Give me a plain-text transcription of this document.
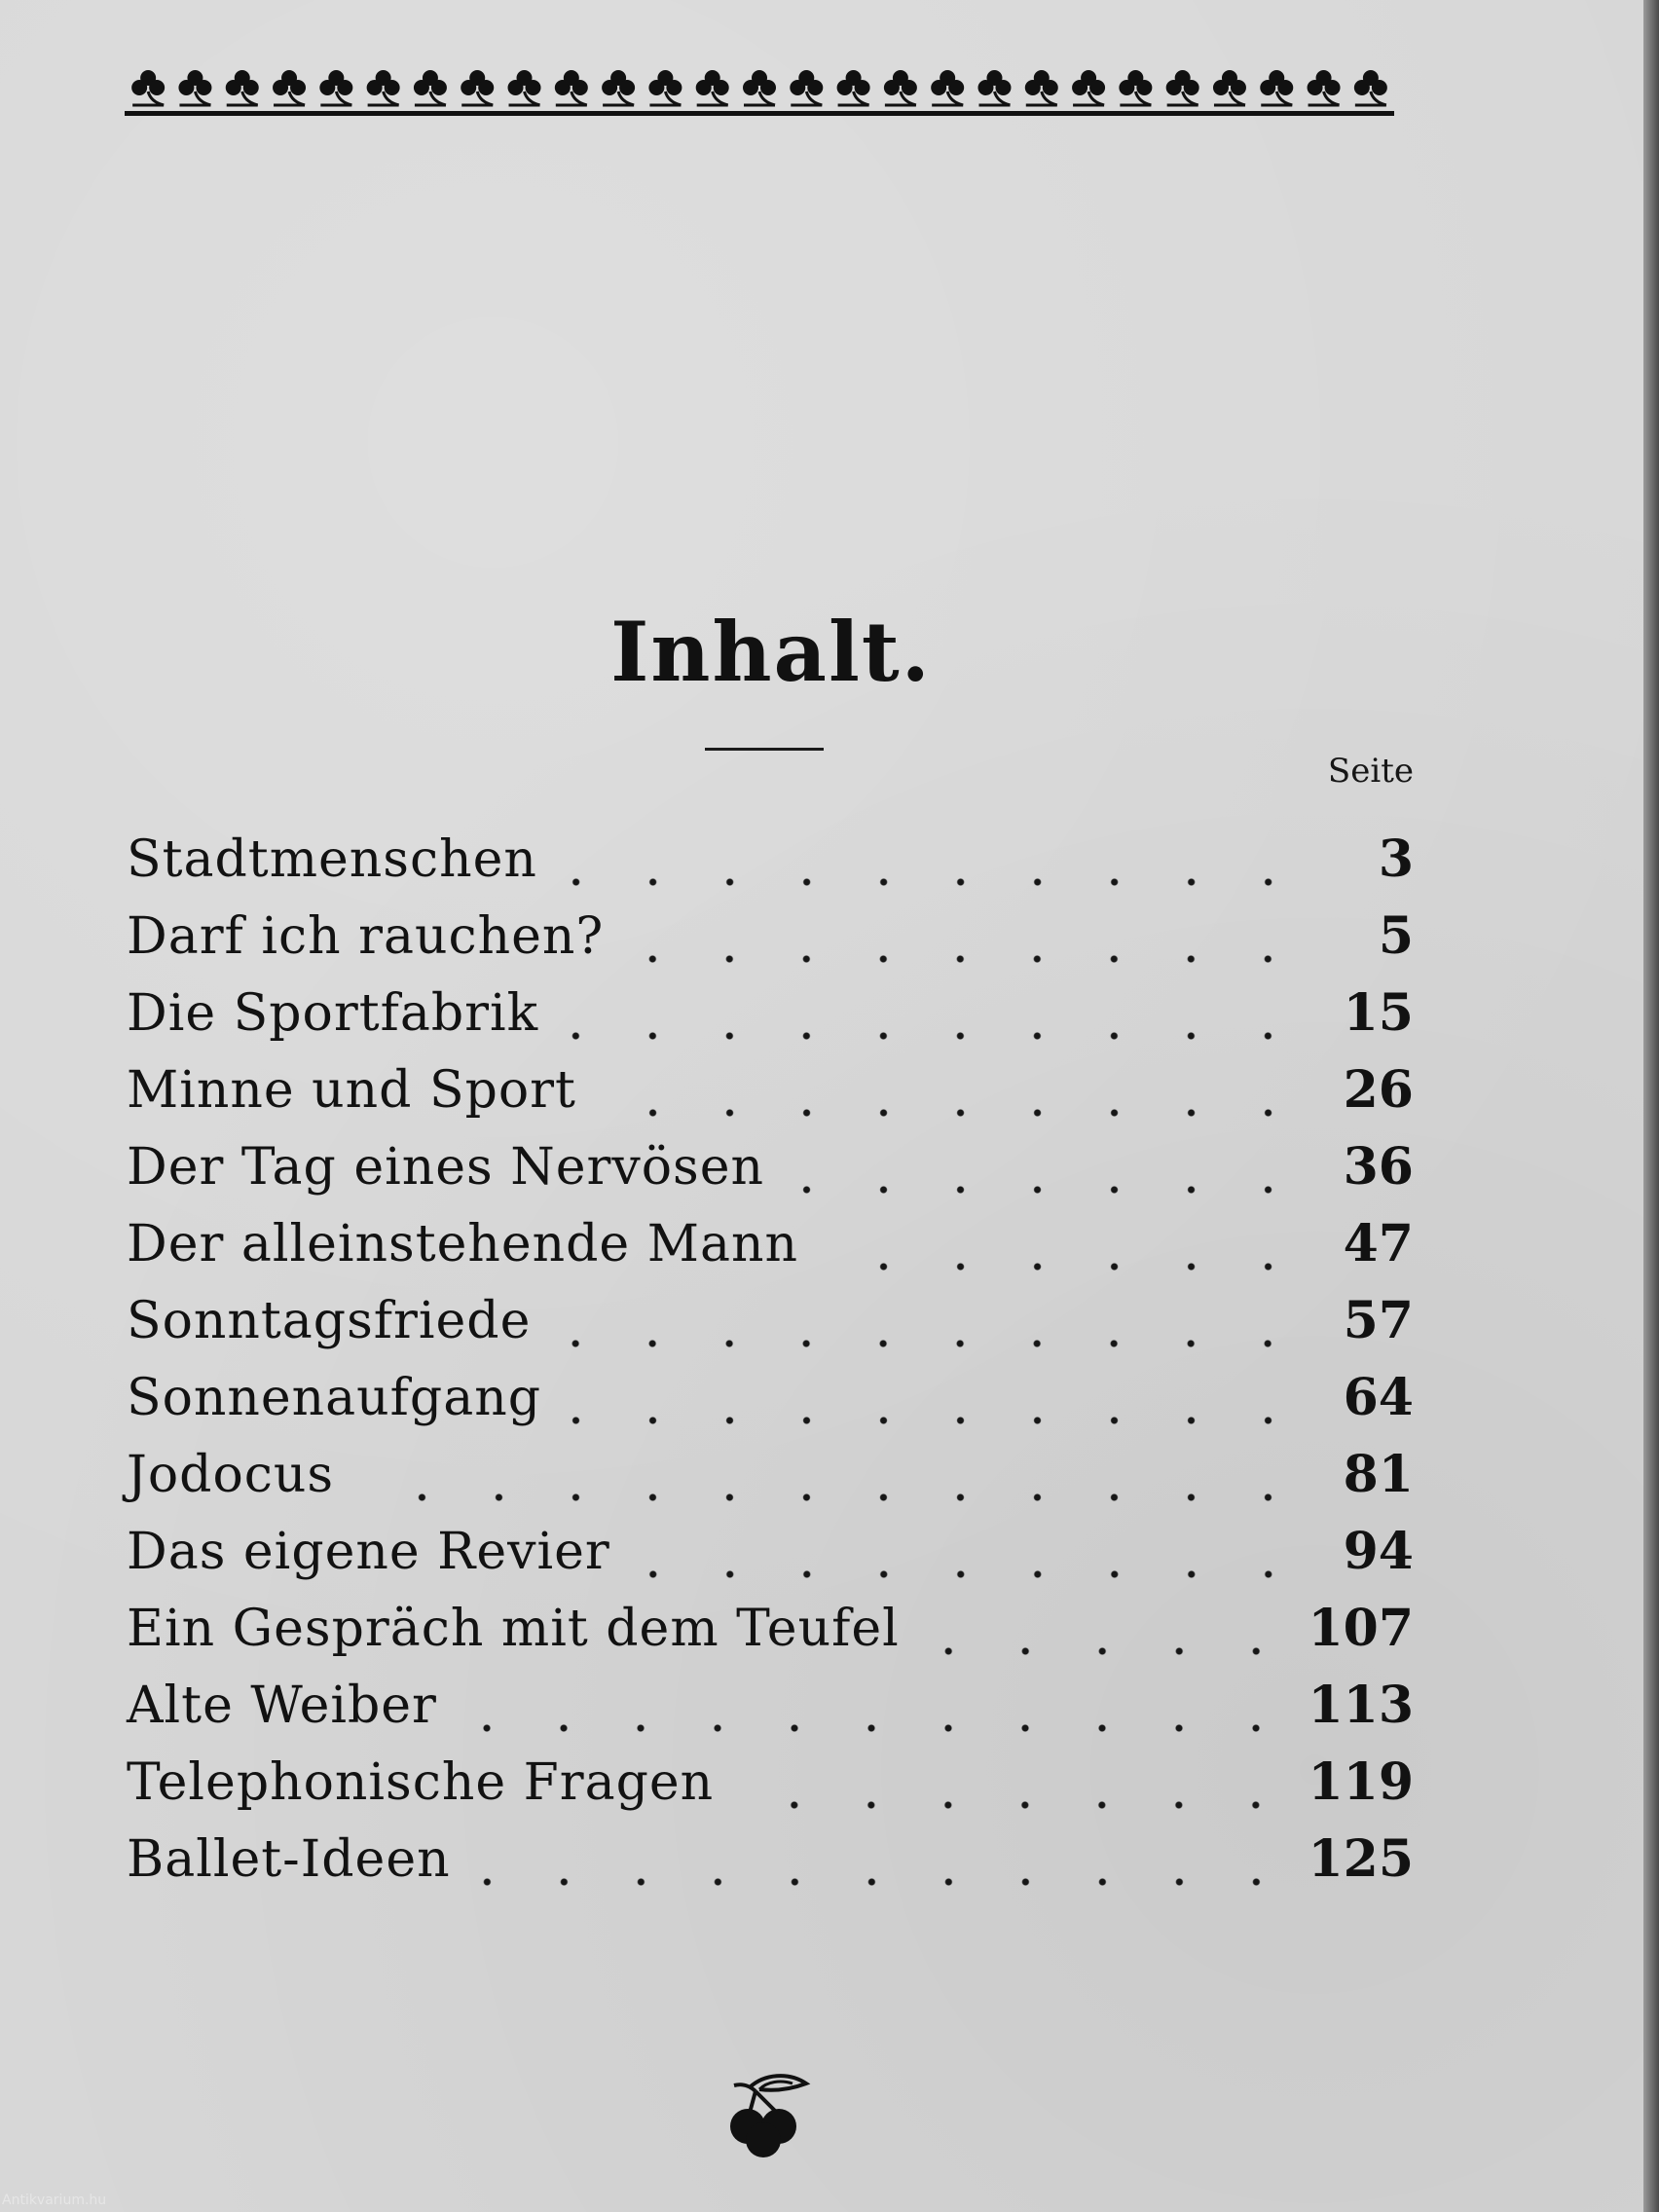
Inhalt.
Seite
Stadtmenschen	3
Darf ich rauchen?	5
Die Sportfabrik	15
Minne und Sport	26
Der Tag eines Nervösen	36
Der alleinstehende Mann	47
Sonntagsfriede	57
Sonnenaufgang	64
Jodocus	81
Das eigene Revier	94
Ein Gespräch mit dem Teufel	107
Alte Weiber	113
Telephonische Fragen	119
Ballet-Ideen	125
Antikvarium.hu
